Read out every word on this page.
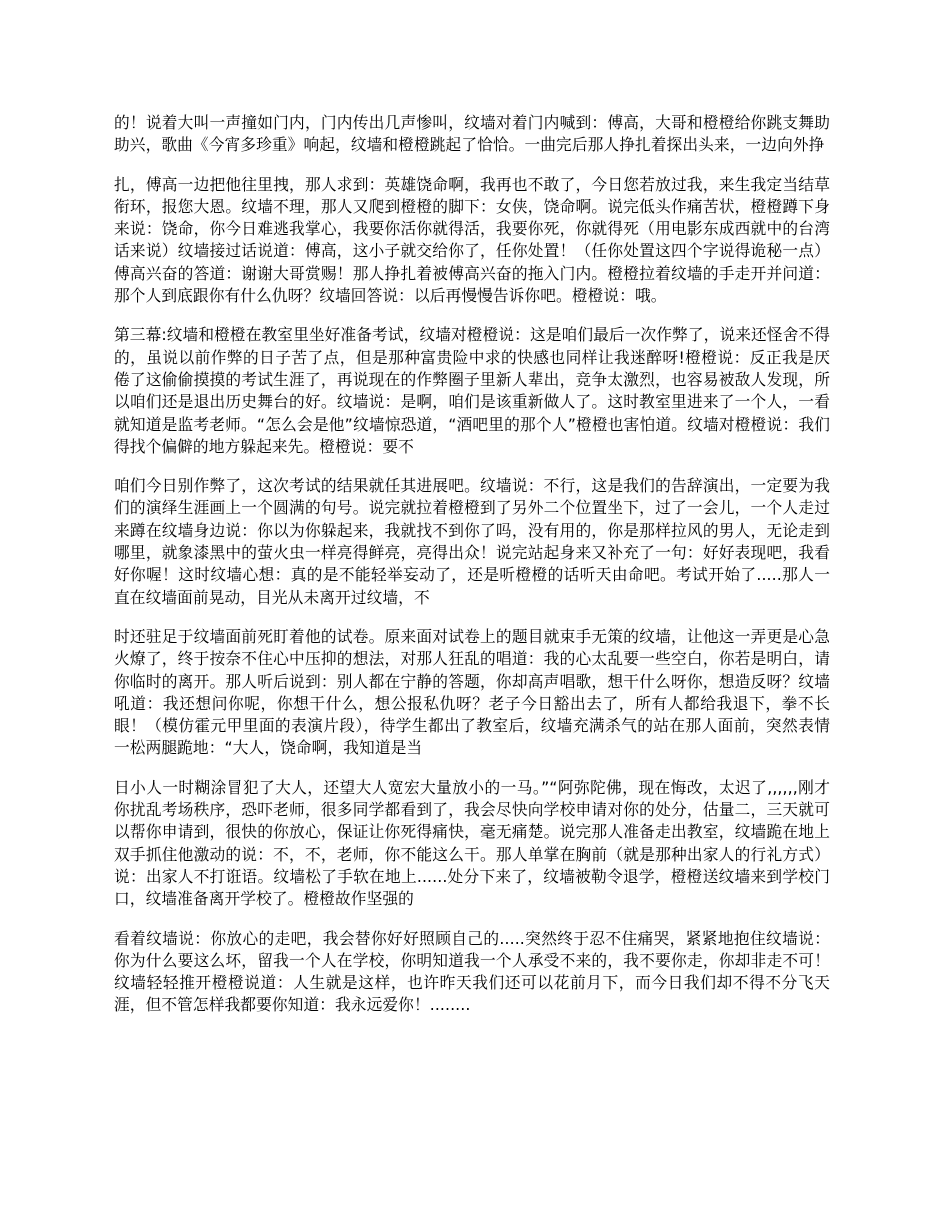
的！说着大叫一声撞如门内，门内传出几声惨叫，纹墙对着门内喊到：傅高，大哥和橙橙给你跳支舞助助兴，歌曲《今宵多珍重》响起，纹墙和橙橙跳起了恰恰。一曲完后那人挣扎着探出头来，一边向外挣

扎，傅高一边把他往里拽，那人求到：英雄饶命啊，我再也不敢了，今日您若放过我，来生我定当结草衔环，报您大恩。纹墙不理，那人又爬到橙橙的脚下：女侠，饶命啊。说完低头作痛苦状，橙橙蹲下身来说：饶命，你今日难逃我掌心，我要你活你就得活，我要你死，你就得死（用电影东成西就中的台湾话来说）纹墙接过话说道：傅高，这小子就交给你了，任你处置！（任你处置这四个字说得诡秘一点）傅高兴奋的答道：谢谢大哥赏赐！那人挣扎着被傅高兴奋的拖入门内。橙橙拉着纹墙的手走开并问道：那个人到底跟你有什么仇呀？纹墙回答说：以后再慢慢告诉你吧。橙橙说：哦。

第三幕:纹墙和橙橙在教室里坐好准备考试，纹墙对橙橙说：这是咱们最后一次作弊了，说来还怪舍不得的，虽说以前作弊的日子苦了点，但是那种富贵险中求的快感也同样让我迷醉呀!橙橙说：反正我是厌倦了这偷偷摸摸的考试生涯了，再说现在的作弊圈子里新人辈出，竞争太激烈，也容易被敌人发现，所以咱们还是退出历史舞台的好。纹墙说：是啊，咱们是该重新做人了。这时教室里进来了一个人，一看就知道是监考老师。“怎么会是他”纹墙惊恐道，“酒吧里的那个人”橙橙也害怕道。纹墙对橙橙说：我们得找个偏僻的地方躲起来先。橙橙说：要不

咱们今日别作弊了，这次考试的结果就任其进展吧。纹墙说：不行，这是我们的告辞演出，一定要为我们的演绎生涯画上一个圆满的句号。说完就拉着橙橙到了另外二个位置坐下，过了一会儿，一个人走过来蹲在纹墙身边说：你以为你躲起来，我就找不到你了吗，没有用的，你是那样拉风的男人，无论走到哪里，就象漆黑中的萤火虫一样亮得鲜亮，亮得出众！说完站起身来又补充了一句：好好表现吧，我看好你喔！这时纹墙心想：真的是不能轻举妄动了，还是听橙橙的话听天由命吧。考试开始了.....那人一直在纹墙面前晃动，目光从未离开过纹墙，不

时还驻足于纹墙面前死盯着他的试卷。原来面对试卷上的题目就束手无策的纹墙，让他这一弄更是心急火燎了，终于按奈不住心中压抑的想法，对那人狂乱的唱道：我的心太乱要一些空白，你若是明白，请你临时的离开。那人听后说到：别人都在宁静的答题，你却高声唱歌，想干什么呀你，想造反呀？纹墙吼道：我还想问你呢，你想干什么，想公报私仇呀？老子今日豁出去了，所有人都给我退下，拳不长眼！（模仿霍元甲里面的表演片段），待学生都出了教室后，纹墙充满杀气的站在那人面前，突然表情一松两腿跪地：“大人，饶命啊，我知道是当

日小人一时糊涂冒犯了大人，还望大人宽宏大量放小的一马。”“阿弥陀佛，现在悔改，太迟了,,,,,,刚才你扰乱考场秩序，恐吓老师，很多同学都看到了，我会尽快向学校申请对你的处分，估量二，三天就可以帮你申请到，很快的你放心，保证让你死得痛快，毫无痛楚。说完那人准备走出教室，纹墙跪在地上双手抓住他激动的说：不，不，老师，你不能这么干。那人单掌在胸前（就是那种出家人的行礼方式）说：出家人不打诳语。纹墙松了手软在地上......处分下来了，纹墙被勒令退学，橙橙送纹墙来到学校门口，纹墙准备离开学校了。橙橙故作坚强的

看着纹墙说：你放心的走吧，我会替你好好照顾自己的.....突然终于忍不住痛哭，紧紧地抱住纹墙说：你为什么要这么坏，留我一个人在学校，你明知道我一个人承受不来的，我不要你走，你却非走不可！纹墙轻轻推开橙橙说道：人生就是这样，也许昨天我们还可以花前月下，而今日我们却不得不分飞天涯，但不管怎样我都要你知道：我永远爱你！........
